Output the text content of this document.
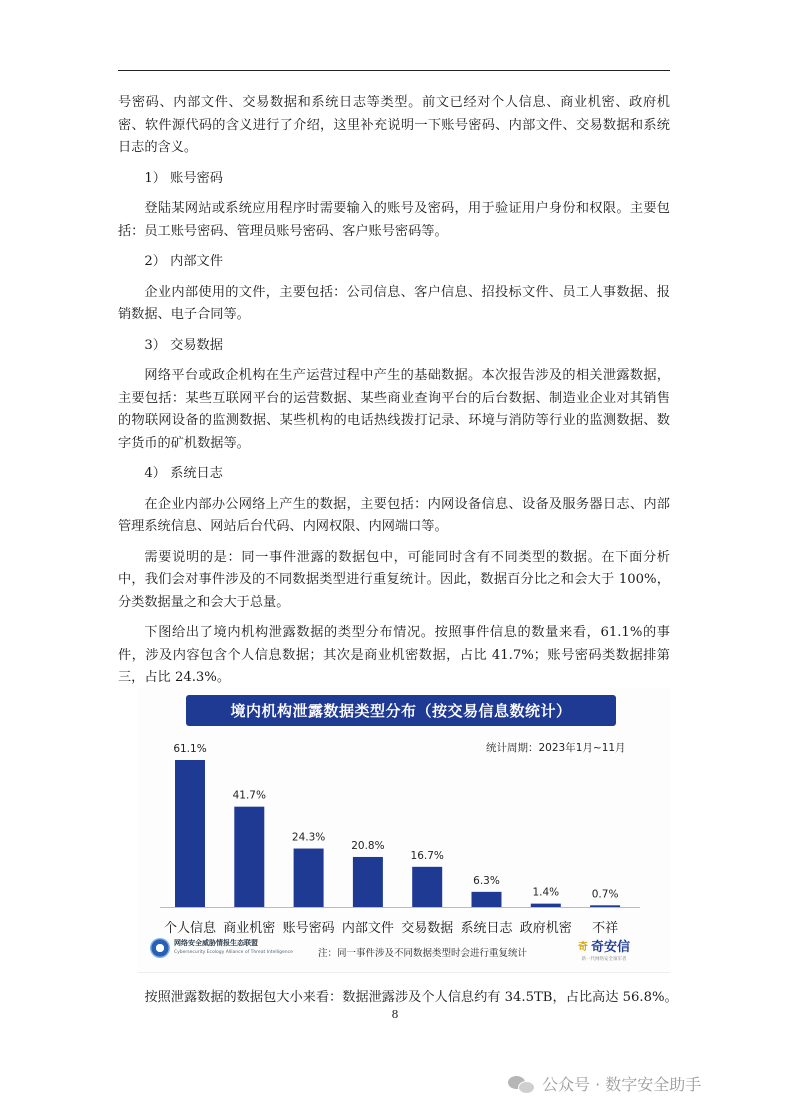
号密码、内部文件、交易数据和系统日志等类型。前文已经对个人信息、商业机密、政府机密、软件源代码的含义进行了介绍，这里补充说明一下账号密码、内部文件、交易数据和系统日志的含义。

1） 账号密码

登陆某网站或系统应用程序时需要输入的账号及密码，用于验证用户身份和权限。主要包括：员工账号密码、管理员账号密码、客户账号密码等。

2） 内部文件

企业内部使用的文件，主要包括：公司信息、客户信息、招投标文件、员工人事数据、报销数据、电子合同等。

3） 交易数据

网络平台或政企机构在生产运营过程中产生的基础数据。本次报告涉及的相关泄露数据，主要包括：某些互联网平台的运营数据、某些商业查询平台的后台数据、制造业企业对其销售的物联网设备的监测数据、某些机构的电话热线拨打记录、环境与消防等行业的监测数据、数字货币的矿机数据等。

4） 系统日志

在企业内部办公网络上产生的数据，主要包括：内网设备信息、设备及服务器日志、内部管理系统信息、网站后台代码、内网权限、内网端口等。

需要说明的是：同一事件泄露的数据包中，可能同时含有不同类型的数据。在下面分析中，我们会对事件涉及的不同数据类型进行重复统计。因此，数据百分比之和会大于 100%，分类数据量之和会大于总量。

下图给出了境内机构泄露数据的类型分布情况。按照事件信息的数量来看，61.1%的事件，涉及内容包含个人信息数据；其次是商业机密数据，占比 41.7%；账号密码类数据排第三，占比 24.3%。

境内机构泄露数据类型分布（按交易信息数统计）
统计周期：2023年1月~11月
61.1%
个人信息
41.7%
商业机密
24.3%
账号密码
20.8%
内部文件
16.7%
交易数据
6.3%
系统日志
1.4%
政府机密
0.7%
不祥
网络安全威胁情报生态联盟
Cybersecurity Ecology Alliance of Threat Intelligence	注：同一事件涉及不同数据类型时会进行重复统计
奇 奇安信
新一代网络安全领军者
按照泄露数据的数据包大小来看：数据泄露涉及个人信息约有 34.5TB，占比高达 56.8%。
8
公众号 · 数字安全助手
